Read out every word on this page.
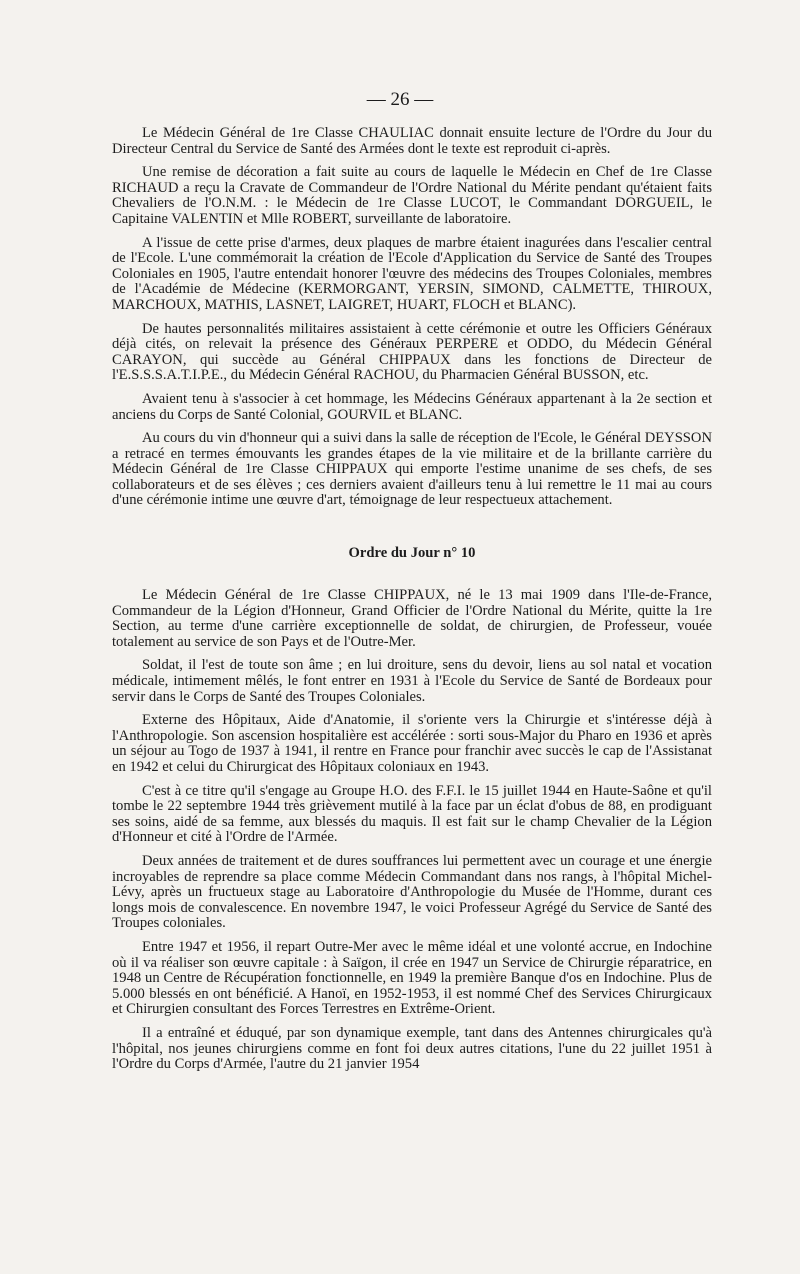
— 26 —

Le Médecin Général de 1re Classe CHAULIAC donnait ensuite lecture de l'Ordre du Jour du Directeur Central du Service de Santé des Armées dont le texte est reproduit ci-après.

Une remise de décoration a fait suite au cours de laquelle le Médecin en Chef de 1re Classe RICHAUD a reçu la Cravate de Commandeur de l'Ordre National du Mérite pendant qu'étaient faits Chevaliers de l'O.N.M. : le Médecin de 1re Classe LUCOT, le Commandant DORGUEIL, le Capitaine VALENTIN et Mlle ROBERT, surveillante de laboratoire.

A l'issue de cette prise d'armes, deux plaques de marbre étaient inagurées dans l'escalier central de l'Ecole. L'une commémorait la création de l'Ecole d'Application du Service de Santé des Troupes Coloniales en 1905, l'autre entendait honorer l'œuvre des médecins des Troupes Coloniales, membres de l'Académie de Médecine (KERMORGANT, YERSIN, SIMOND, CALMETTE, THIROUX, MARCHOUX, MATHIS, LASNET, LAIGRET, HUART, FLOCH et BLANC).

De hautes personnalités militaires assistaient à cette cérémonie et outre les Officiers Généraux déjà cités, on relevait la présence des Généraux PERPERE et ODDO, du Médecin Général CARAYON, qui succède au Général CHIPPAUX dans les fonctions de Directeur de l'E.S.S.S.A.T.I.P.E., du Médecin Général RACHOU, du Pharmacien Général BUSSON, etc.

Avaient tenu à s'associer à cet hommage, les Médecins Généraux appartenant à la 2e section et anciens du Corps de Santé Colonial, GOURVIL et BLANC.

Au cours du vin d'honneur qui a suivi dans la salle de réception de l'Ecole, le Général DEYSSON a retracé en termes émouvants les grandes étapes de la vie militaire et de la brillante carrière du Médecin Général de 1re Classe CHIPPAUX qui emporte l'estime unanime de ses chefs, de ses collaborateurs et de ses élèves ; ces derniers avaient d'ailleurs tenu à lui remettre le 11 mai au cours d'une cérémonie intime une œuvre d'art, témoignage de leur respectueux attachement.

Ordre du Jour n° 10

Le Médecin Général de 1re Classe CHIPPAUX, né le 13 mai 1909 dans l'Ile-de-France, Commandeur de la Légion d'Honneur, Grand Officier de l'Ordre National du Mérite, quitte la 1re Section, au terme d'une carrière exceptionnelle de soldat, de chirurgien, de Professeur, vouée totalement au service de son Pays et de l'Outre-Mer.

Soldat, il l'est de toute son âme ; en lui droiture, sens du devoir, liens au sol natal et vocation médicale, intimement mêlés, le font entrer en 1931 à l'Ecole du Service de Santé de Bordeaux pour servir dans le Corps de Santé des Troupes Coloniales.

Externe des Hôpitaux, Aide d'Anatomie, il s'oriente vers la Chirurgie et s'intéresse déjà à l'Anthropologie. Son ascension hospitalière est accélérée : sorti sous-Major du Pharo en 1936 et après un séjour au Togo de 1937 à 1941, il rentre en France pour franchir avec succès le cap de l'Assistanat en 1942 et celui du Chirurgicat des Hôpitaux coloniaux en 1943.

C'est à ce titre qu'il s'engage au Groupe H.O. des F.F.I. le 15 juillet 1944 en Haute-Saône et qu'il tombe le 22 septembre 1944 très grièvement mutilé à la face par un éclat d'obus de 88, en prodiguant ses soins, aidé de sa femme, aux blessés du maquis. Il est fait sur le champ Chevalier de la Légion d'Honneur et cité à l'Ordre de l'Armée.

Deux années de traitement et de dures souffrances lui permettent avec un courage et une énergie incroyables de reprendre sa place comme Médecin Commandant dans nos rangs, à l'hôpital Michel-Lévy, après un fructueux stage au Laboratoire d'Anthropologie du Musée de l'Homme, durant ces longs mois de convalescence. En novembre 1947, le voici Professeur Agrégé du Service de Santé des Troupes coloniales.

Entre 1947 et 1956, il repart Outre-Mer avec le même idéal et une volonté accrue, en Indochine où il va réaliser son œuvre capitale : à Saïgon, il crée en 1947 un Service de Chirurgie réparatrice, en 1948 un Centre de Récupération fonctionnelle, en 1949 la première Banque d'os en Indochine. Plus de 5.000 blessés en ont bénéficié. A Hanoï, en 1952-1953, il est nommé Chef des Services Chirurgicaux et Chirurgien consultant des Forces Terrestres en Extrême-Orient.

Il a entraîné et éduqué, par son dynamique exemple, tant dans des Antennes chirurgicales qu'à l'hôpital, nos jeunes chirurgiens comme en font foi deux autres citations, l'une du 22 juillet 1951 à l'Ordre du Corps d'Armée, l'autre du 21 janvier 1954
